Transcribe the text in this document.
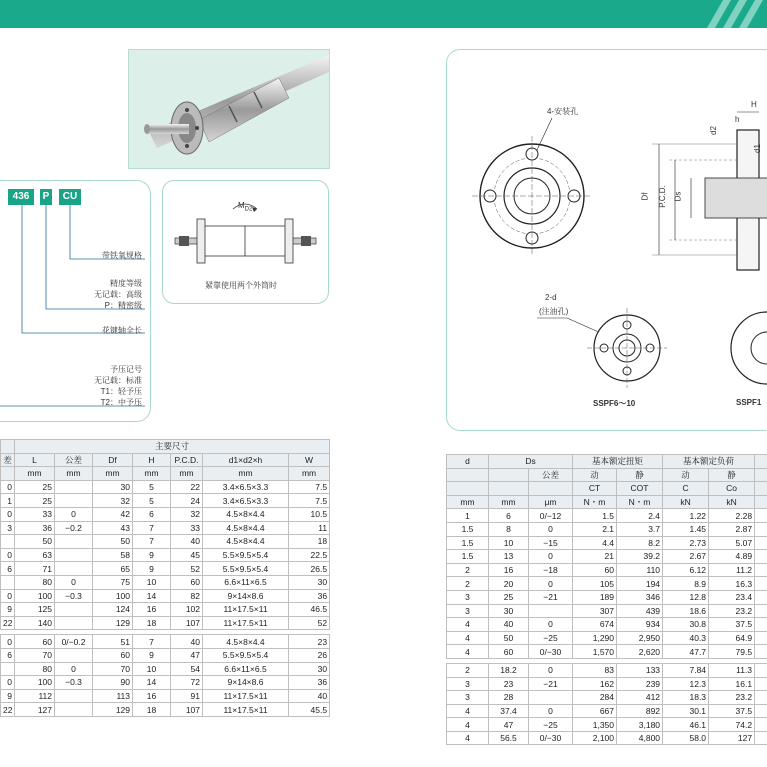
436	P	CU
带铁氧规格
精度等级
无记载：高级
P：精密级
花键轴全长
予压记号
无记载：标准
T1：轻予压
T2：中予压
$M_{D2}$
紧靠使用两个外筒时
4-安装孔
2-d
(注油孔)
SSPF6～10	SSPF1
H
h
d2
d1
Df P.C.D. Ds
	主要尺寸						
差	L	公差	Df	H	P.C.D.	d1×d2×h	W
	mm	mm	mm	mm	mm	mm	mm
0	25		30	5	22	3.4×6.5×3.3	7.5
1	25		32	5	24	3.4×6.5×3.3	7.5
0	33	0	42	6	32	4.5×8×4.4	10.5
3	36	−0.2	43	7	33	4.5×8×4.4	11
	50		50	7	40	4.5×8×4.4	18
0	63		58	9	45	5.5×9.5×5.4	22.5
6	71		65	9	52	5.5×9.5×5.4	26.5
	80	0	75	10	60	6.6×11×6.5	30
0	100	−0.3	100	14	82	9×14×8.6	36
9	125		124	16	102	11×17.5×11	46.5
22	140		129	18	107	11×17.5×11	52

0	60	0/−0.2	51	7	40	4.5×8×4.4	23
6	70		60	9	47	5.5×9.5×5.4	26
	80	0	70	10	54	6.6×11×6.5	30
0	100	−0.3	90	14	72	9×14×8.6	36
9	112		113	16	91	11×17.5×11	40
22	127		129	18	107	11×17.5×11	45.5
d	Ds		基本额定扭矩		基本额定负荷		
		公差	动	静	动	静	
			CT	COT	C	Co	
mm	mm	μm	N・m	N・m	kN	kN	
1	6	0/−12	1.5	2.4	1.22	2.28	
1.5	8	0	2.1	3.7	1.45	2.87	
1.5	10	−15	4.4	8.2	2.73	5.07	
1.5	13	0	21	39.2	2.67	4.89	
2	16	−18	60	110	6.12	11.2	
2	20	0	105	194	8.9	16.3	
3	25	−21	189	346	12.8	23.4	
3	30		307	439	18.6	23.2	
4	40	0	674	934	30.8	37.5	
4	50	−25	1,290	2,950	40.3	64.9	
4	60	0/−30	1,570	2,620	47.7	79.5	

2	18.2	0	83	133	7.84	11.3	
3	23	−21	162	239	12.3	16.1	
3	28		284	412	18.3	23.2	
4	37.4	0	667	892	30.1	37.5	
4	47	−25	1,350	3,180	46.1	74.2	
4	56.5	0/−30	2,100	4,800	58.0	127	
